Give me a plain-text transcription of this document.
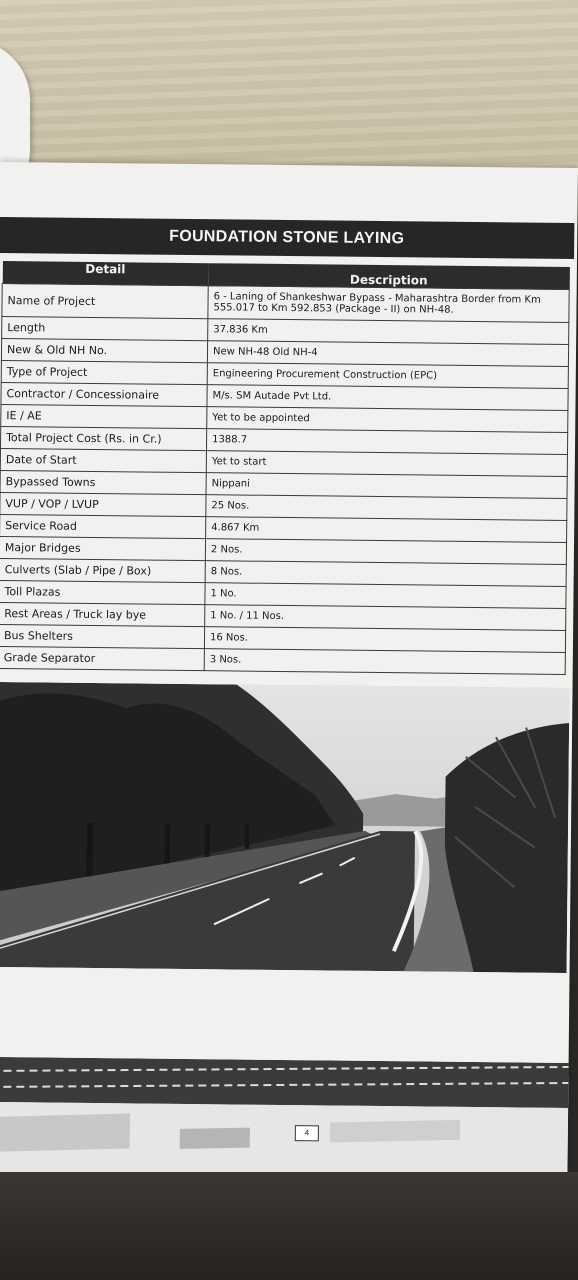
FOUNDATION STONE LAYING
Detail	Description
Name of Project	6 - Laning of Shankeshwar Bypass - Maharashtra Border from Km 555.017 to Km 592.853 (Package - II) on NH-48.
Length	37.836 Km
New & Old NH No.	New NH-48 Old NH-4
Type of Project	Engineering Procurement Construction (EPC)
Contractor / Concessionaire	M/s. SM Autade Pvt Ltd.
IE / AE	Yet to be appointed
Total Project Cost (Rs. in Cr.)	1388.7
Date of Start	Yet to start
Bypassed Towns	Nippani
VUP / VOP / LVUP	25 Nos.
Service Road	4.867 Km
Major Bridges	2 Nos.
Culverts (Slab / Pipe / Box)	8 Nos.
Toll Plazas	1 No.
Rest Areas / Truck lay bye	1 No. / 11 Nos.
Bus Shelters	16 Nos.
Grade Separator	3 Nos.
4
